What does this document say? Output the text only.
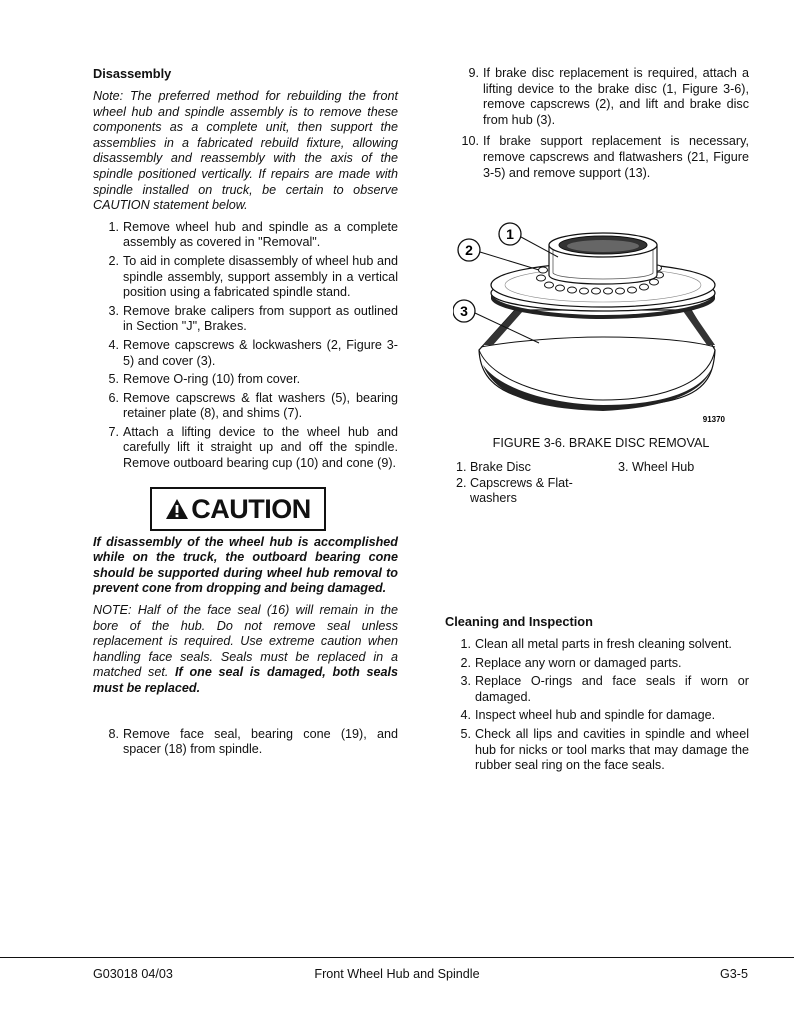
Disassembly

Note: The preferred method for rebuilding the front wheel hub and spindle assembly is to remove these components as a complete unit, then support the assemblies in a fabricated rebuild fixture, allowing disassembly and reassembly with the axis of the spindle positioned vertically. If repairs are made with spindle installed on truck, be certain to observe CAUTION statement below.

1. Remove wheel hub and spindle as a complete assembly as covered in "Removal".
2. To aid in complete disassembly of wheel hub and spindle assembly, support assembly in a vertical position using a fabricated spindle stand.
3. Remove brake calipers from support as outlined in Section "J", Brakes.
4. Remove capscrews & lockwashers (2, Figure 3-5) and cover (3).
5. Remove O-ring (10) from cover.
6. Remove capscrews & flat washers (5), bearing retainer plate (8), and shims (7).
7. Attach a lifting device to the wheel hub and carefully lift it straight up and off the spindle. Remove outboard bearing cup (10) and cone (9).
CAUTION

If disassembly of the wheel hub is accomplished while on the truck, the outboard bearing cone should be supported during wheel hub removal to prevent cone from dropping and being damaged.

NOTE: Half of the face seal (16) will remain in the bore of the hub. Do not remove seal unless replacement is required. Use extreme caution when handling face seals. Seals must be replaced in a matched set. If one seal is damaged, both seals must be replaced.

8. Remove face seal, bearing cone (19), and spacer (18) from spindle.
9. If brake disc replacement is required, attach a lifting device to the brake disc (1, Figure 3-6), remove capscrews (2), and lift and brake disc from hub (3).
10. If brake support replacement is necessary, remove capscrews and flatwashers (21, Figure 3-5) and remove support (13).
1
2
3
91370
FIGURE 3-6. BRAKE DISC REMOVAL
1. Brake Disc
2. Capscrews & Flat-washers
3. Wheel Hub
Cleaning and Inspection
1. Clean all metal parts in fresh cleaning solvent.
2. Replace any worn or damaged parts.
3. Replace O-rings and face seals if worn or damaged.
4. Inspect wheel hub and spindle for damage.
5. Check all lips and cavities in spindle and wheel hub for nicks or tool marks that may damage the rubber seal ring on the face seals.
G03018 04/03	Front Wheel Hub and Spindle	G3-5
